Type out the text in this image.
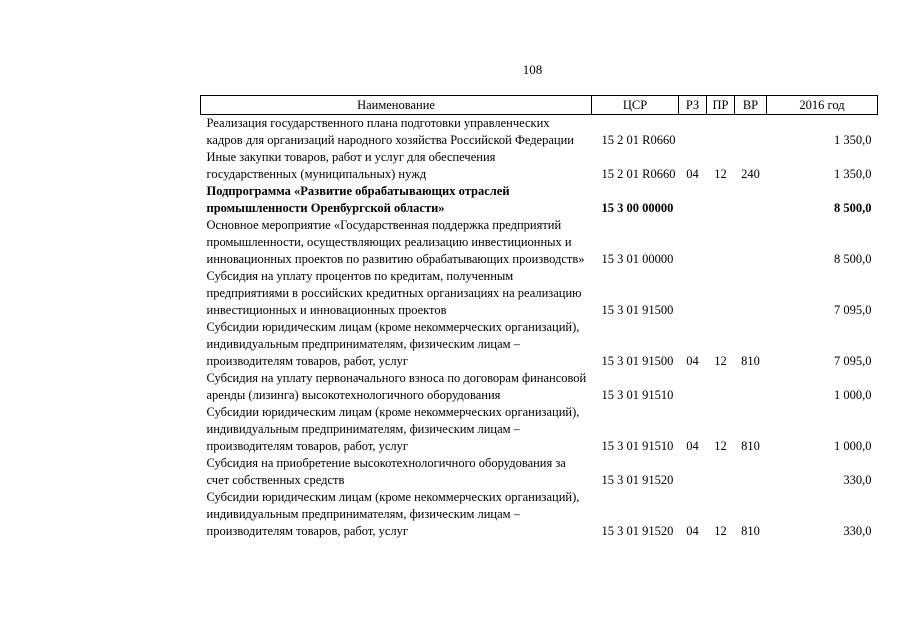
108
Наименование	ЦСР	РЗ	ПР	ВР	2016 год
Реализация государственного плана подготовки управленческих кадров для организаций народного хозяйства Российской Федерации	15 2 01 R0660				1 350,0
Иные закупки товаров, работ и услуг для обеспечения государственных (муниципальных) нужд	15 2 01 R0660	04	12	240	1 350,0
Подпрограмма «Развитие обрабатывающих отраслей промышленности Оренбургской области»	15 3 00 00000				8 500,0
Основное мероприятие «Государственная поддержка предприятий промышленности, осуществляющих реализацию инвестиционных и инновационных проектов по развитию обрабатывающих производств»	15 3 01 00000				8 500,0
Субсидия на уплату процентов по кредитам, полученным предприятиями в российских кредитных организациях на реализацию инвестиционных и инновационных проектов	15 3 01 91500				7 095,0
Субсидии юридическим лицам (кроме некоммерческих организаций), индивидуальным предпринимателям, физическим лицам – производителям товаров, работ, услуг	15 3 01 91500	04	12	810	7 095,0
Субсидия на уплату первоначального взноса по договорам финансовой аренды (лизинга) высокотехнологичного оборудования	15 3 01 91510				1 000,0
Субсидии юридическим лицам (кроме некоммерческих организаций), индивидуальным предпринимателям, физическим лицам – производителям товаров, работ, услуг	15 3 01 91510	04	12	810	1 000,0
Субсидия на приобретение высокотехнологичного оборудования за счет собственных средств	15 3 01 91520				330,0
Субсидии юридическим лицам (кроме некоммерческих организаций), индивидуальным предпринимателям, физическим лицам – производителям товаров, работ, услуг	15 3 01 91520	04	12	810	330,0
